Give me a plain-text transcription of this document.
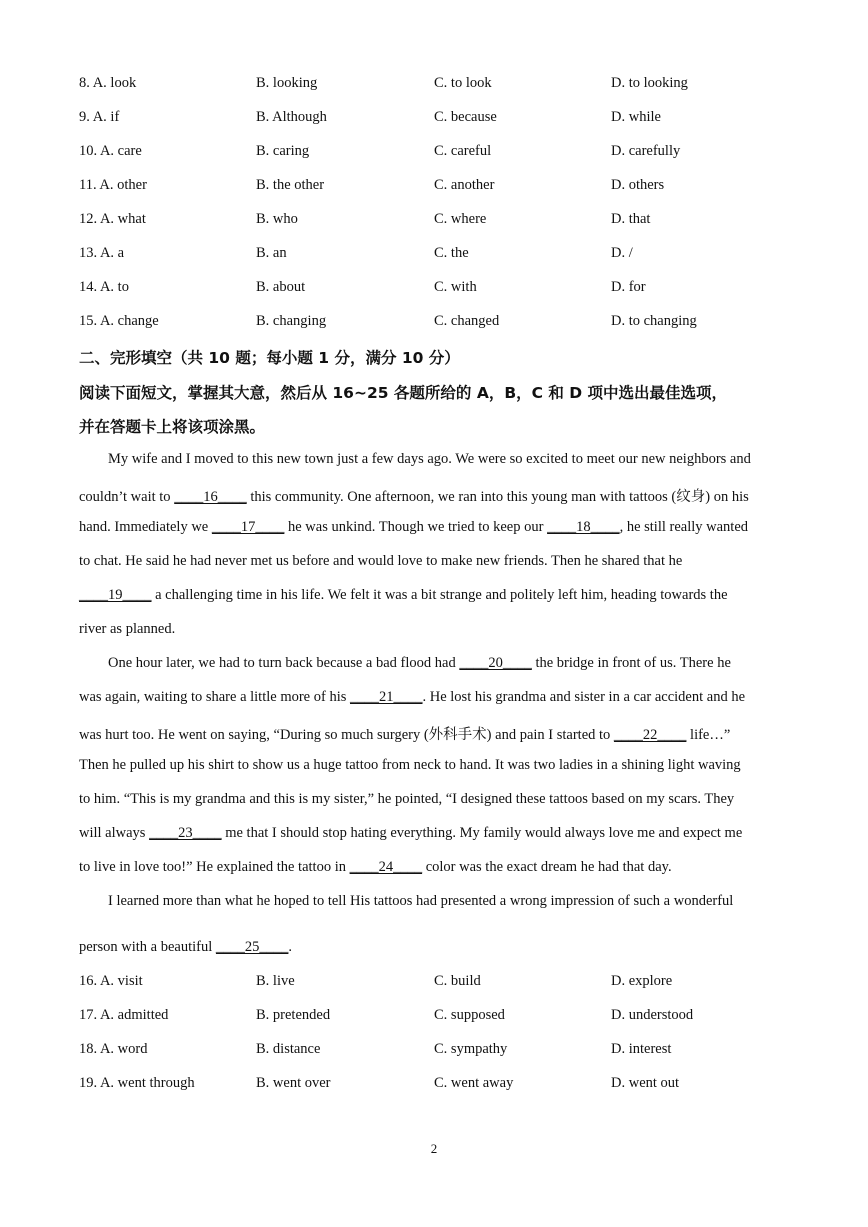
8. A. look	B. looking	C. to look	D. to looking
9. A. if	B. Although	C. because	D. while
10. A. care	B. caring	C. careful	D. carefully
11. A. other	B. the other	C. another	D. others
12. A. what	B. who	C. where	D. that
13. A. a	B. an	C. the	D. /
14. A. to	B. about	C. with	D. for
15. A. change	B. changing	C. changed	D. to changing
二、完形填空（共 10 题；每小题 1 分，满分 10 分）
阅读下面短文，掌握其大意，然后从 16~25 各题所给的 A，B，C 和 D 项中选出最佳选项，
并在答题卡上将该项涂黑。
My wife and I moved to this new town just a few days ago. We were so excited to meet our new neighbors and
couldn’t wait to ____16____ this community. One afternoon, we ran into this young man with tattoos (纹身) on his
hand. Immediately we ____17____ he was unkind. Though we tried to keep our ____18____, he still really wanted
to chat. He said he had never met us before and would love to make new friends. Then he shared that he
____19____ a challenging time in his life. We felt it was a bit strange and politely left him, heading towards the
river as planned.
One hour later, we had to turn back because a bad flood had ____20____ the bridge in front of us. There he
was again, waiting to share a little more of his ____21____. He lost his grandma and sister in a car accident and he
was hurt too. He went on saying, “During so much surgery (外科手术) and pain I started to ____22____ life…”
Then he pulled up his shirt to show us a huge tattoo from neck to hand. It was two ladies in a shining light waving
to him. “This is my grandma and this is my sister,” he pointed, “I designed these tattoos based on my scars. They
will always ____23____ me that I should stop hating everything. My family would always love me and expect me
to live in love too!” He explained the tattoo in ____24____ color was the exact dream he had that day.
I learned more than what he hoped to tell His tattoos had presented a wrong impression of such a wonderful
person with a beautiful ____25____.
16. A. visit	B. live	C. build	D. explore
17. A. admitted	B. pretended	C. supposed	D. understood
18. A. word	B. distance	C. sympathy	D. interest
19. A. went through	B. went over	C. went away	D. went out
2
